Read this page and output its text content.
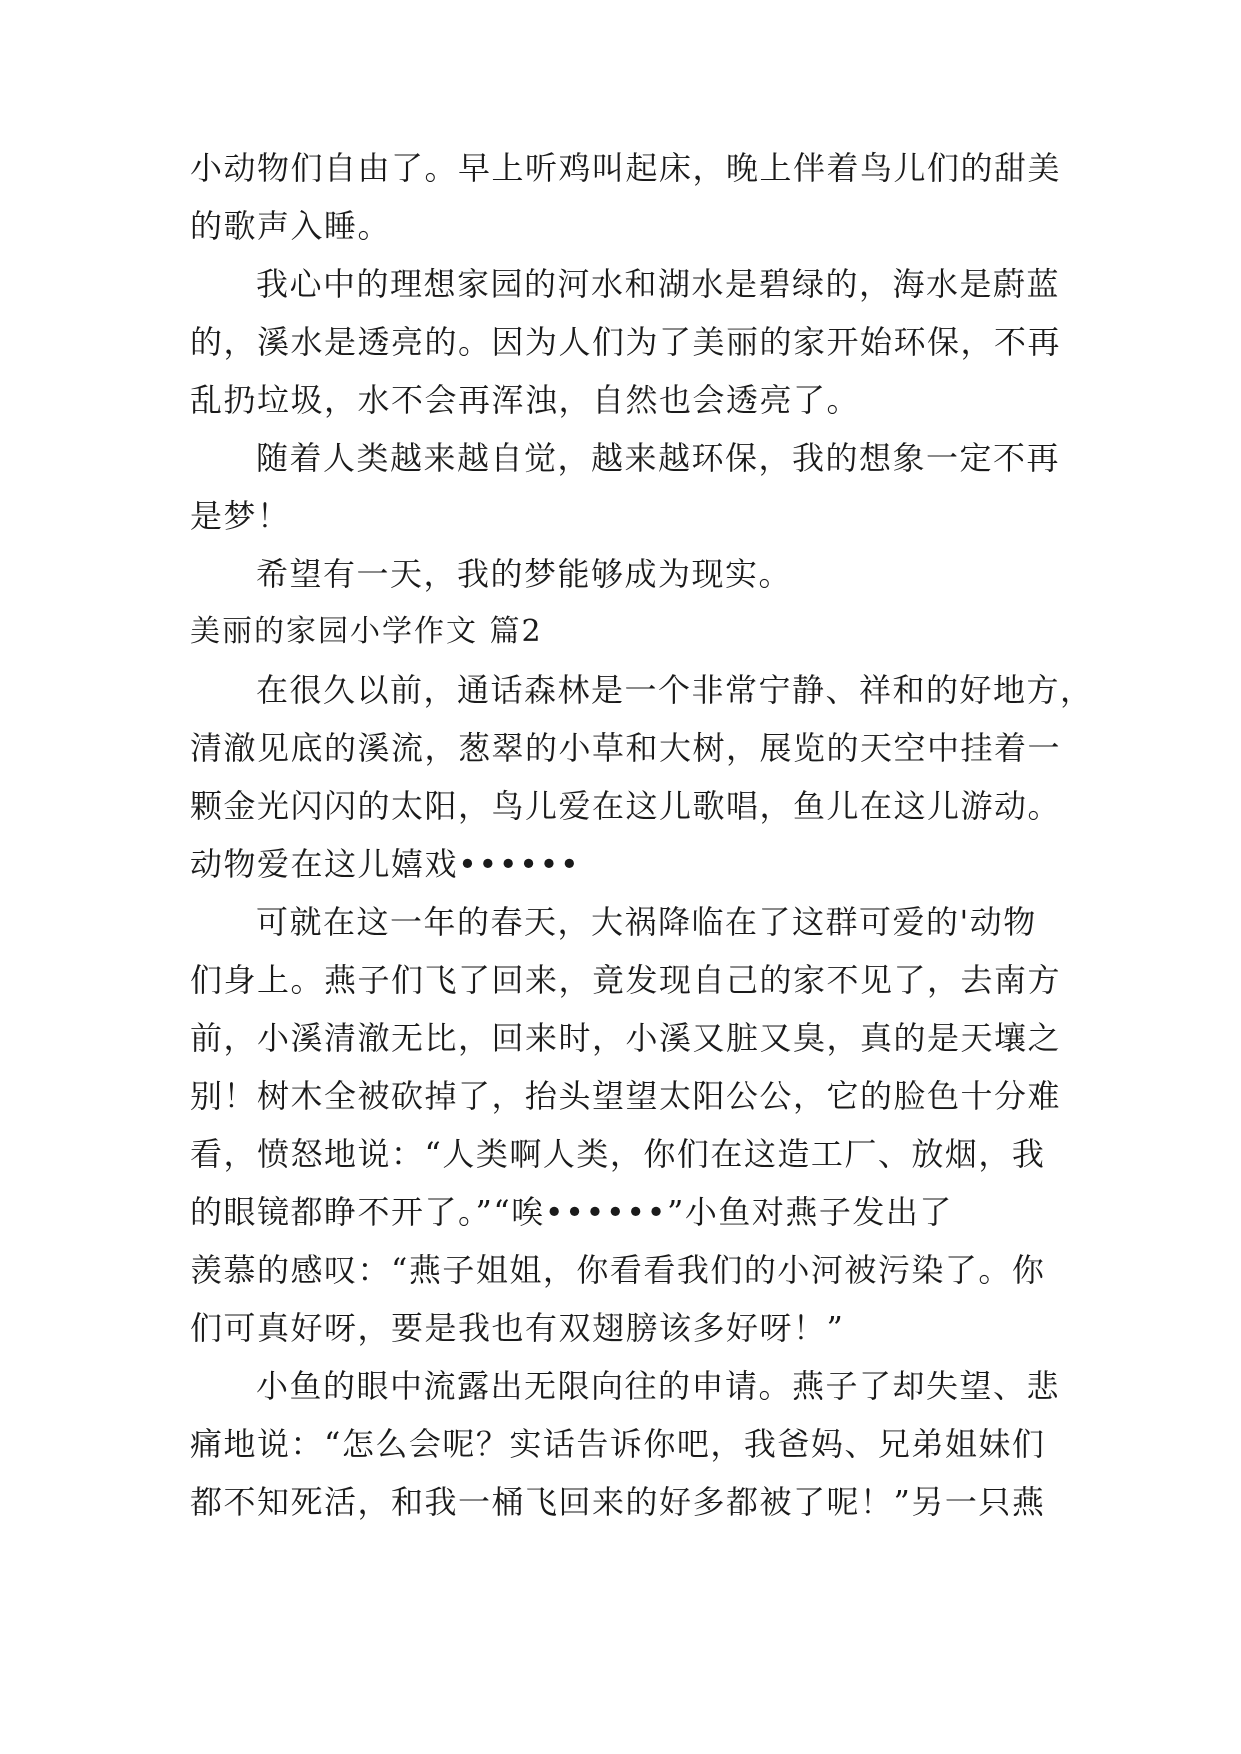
小动物们自由了。早上听鸡叫起床，晚上伴着鸟儿们的甜美
的歌声入睡。
我心中的理想家园的河水和湖水是碧绿的，海水是蔚蓝
的，溪水是透亮的。因为人们为了美丽的家开始环保，不再
乱扔垃圾，水不会再浑浊，自然也会透亮了。
随着人类越来越自觉，越来越环保，我的想象一定不再
是梦！
希望有一天，我的梦能够成为现实。
美丽的家园小学作文 篇2
在很久以前，通话森林是一个非常宁静、祥和的好地方，
清澈见底的溪流，葱翠的小草和大树，展览的天空中挂着一
颗金光闪闪的太阳，鸟儿爱在这儿歌唱，鱼儿在这儿游动。
动物爱在这儿嬉戏••••••
可就在这一年的春天，大祸降临在了这群可爱的'动物
们身上。燕子们飞了回来，竟发现自己的家不见了，去南方
前，小溪清澈无比，回来时，小溪又脏又臭，真的是天壤之
别！树木全被砍掉了，抬头望望太阳公公，它的脸色十分难
看，愤怒地说：“人类啊人类，你们在这造工厂、放烟，我
的眼镜都睁不开了。”“唉••••••”小鱼对燕子发出了
羡慕的感叹：“燕子姐姐，你看看我们的小河被污染了。你
们可真好呀，要是我也有双翅膀该多好呀！”
小鱼的眼中流露出无限向往的申请。燕子了却失望、悲
痛地说：“怎么会呢？实话告诉你吧，我爸妈、兄弟姐妹们
都不知死活，和我一桶飞回来的好多都被了呢！”另一只燕
